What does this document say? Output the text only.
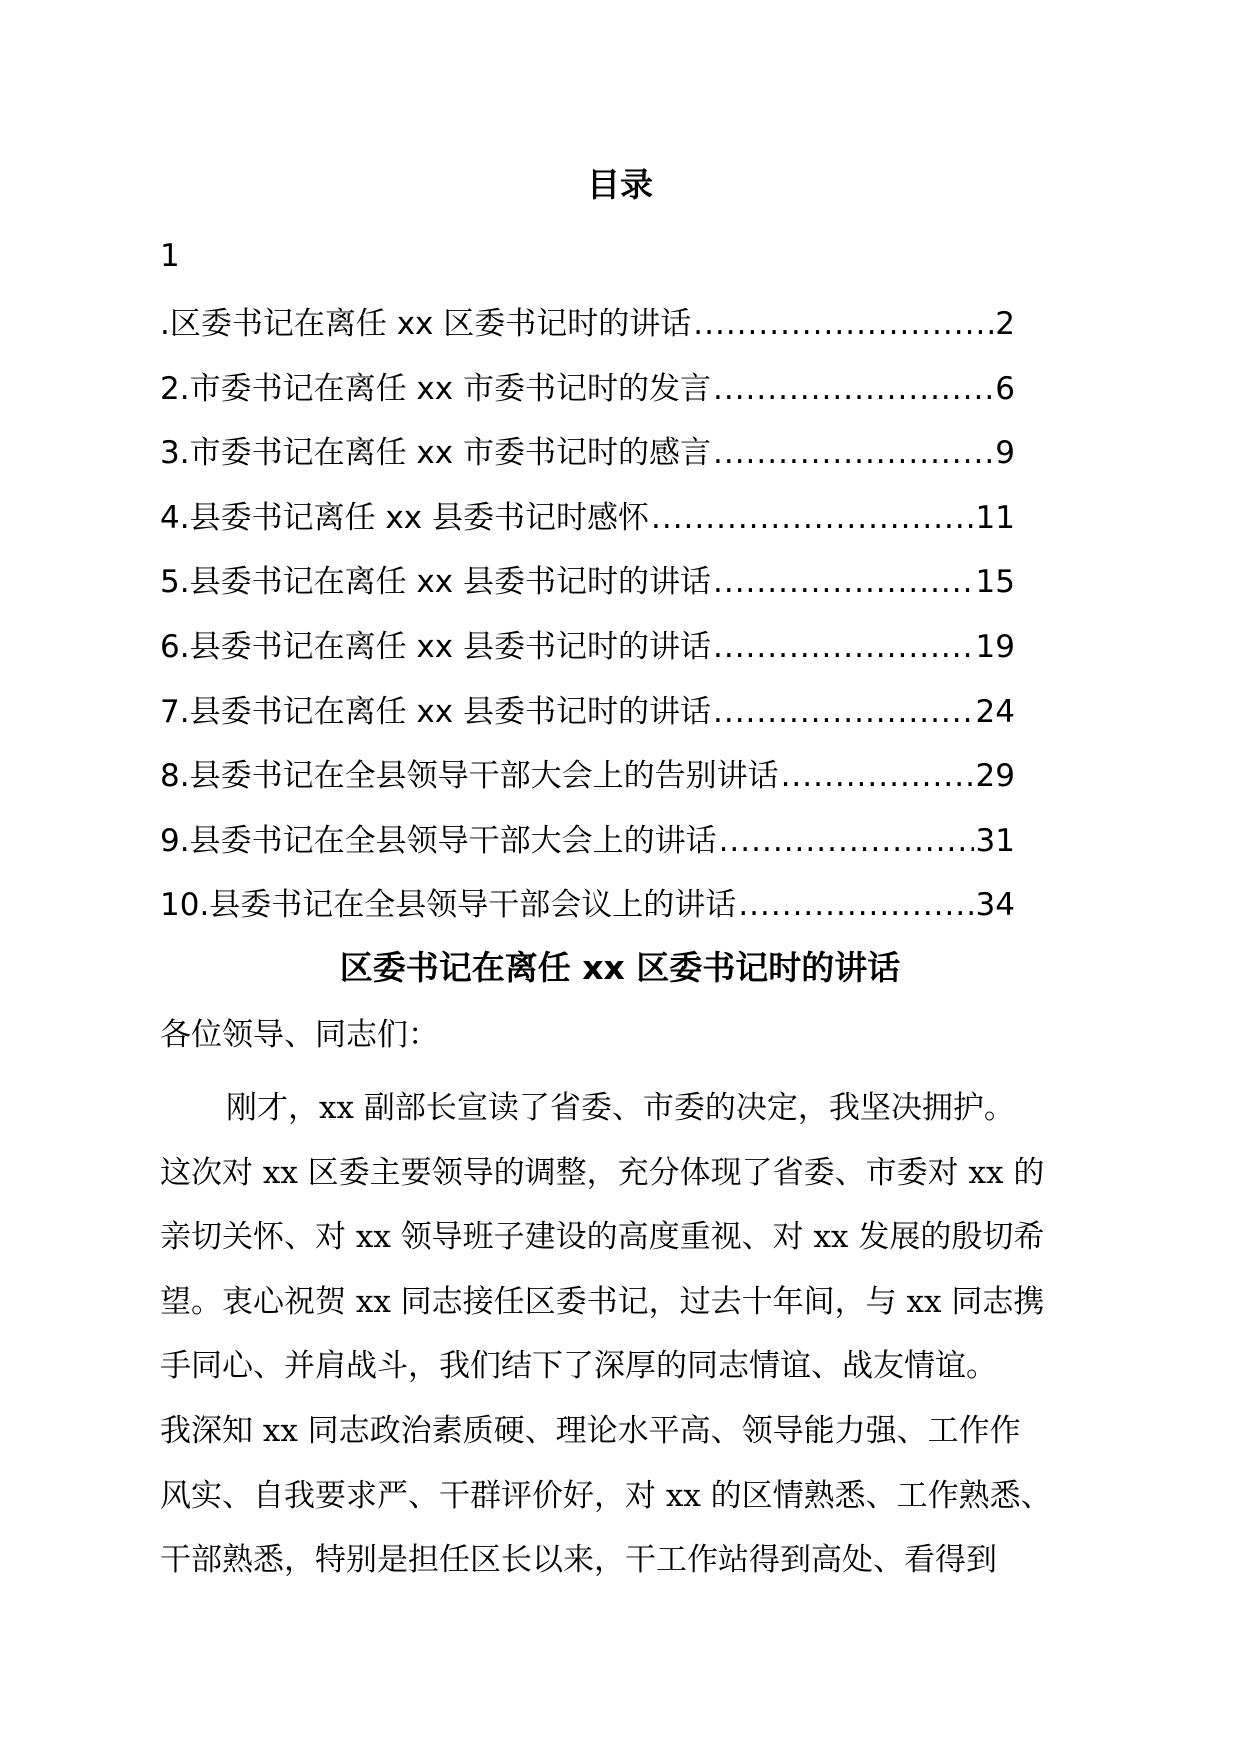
目录
1
.区委书记在离任 xx 区委书记时的讲话 .....	2
2.市委书记在离任 xx 市委书记时的发言 .....	6
3.市委书记在离任 xx 市委书记时的感言 .....	9
4.县委书记离任 xx 县委书记时感怀 .....	11
5.县委书记在离任 xx 县委书记时的讲话 .....	15
6.县委书记在离任 xx 县委书记时的讲话 .....	19
7.县委书记在离任 xx 县委书记时的讲话 .....	24
8.县委书记在全县领导干部大会上的告别讲话 .....	29
9.县委书记在全县领导干部大会上的讲话 .....	31
10.县委书记在全县领导干部会议上的讲话 .....	34
区委书记在离任 xx 区委书记时的讲话
各位领导、同志们：
刚才，xx 副部长宣读了省委、市委的决定，我坚决拥护。
这次对 xx 区委主要领导的调整，充分体现了省委、市委对 xx 的
亲切关怀、对 xx 领导班子建设的高度重视、对 xx 发展的殷切希
望。衷心祝贺 xx 同志接任区委书记，过去十年间，与 xx 同志携
手同心、并肩战斗，我们结下了深厚的同志情谊、战友情谊。
我深知 xx 同志政治素质硬、理论水平高、领导能力强、工作作
风实、自我要求严、干群评价好，对 xx 的区情熟悉、工作熟悉、
干部熟悉，特别是担任区长以来，干工作站得到高处、看得到
